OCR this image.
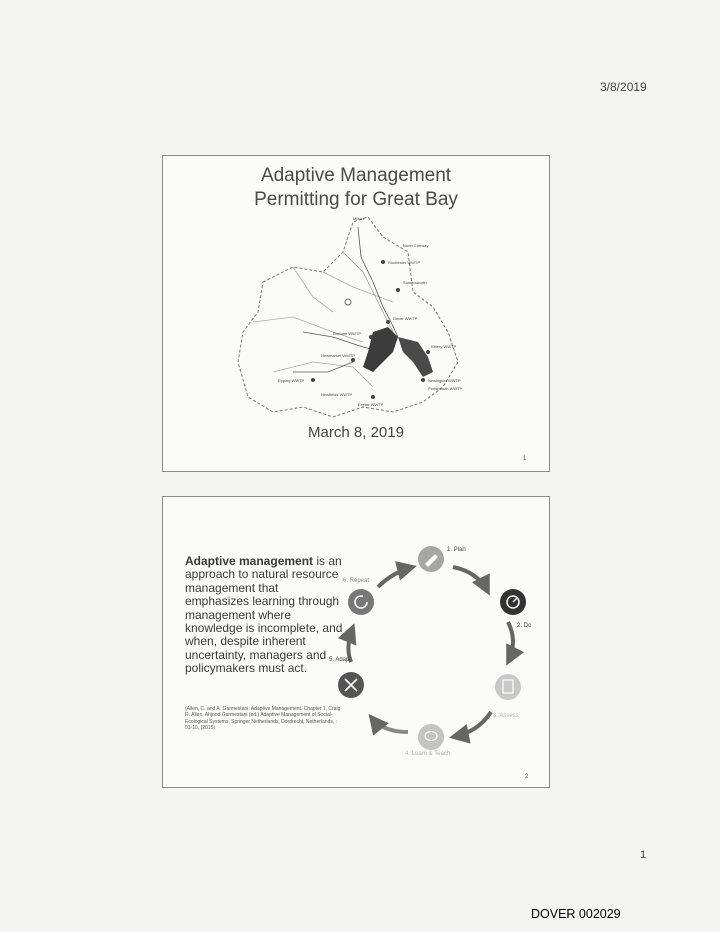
3/8/2019
Adaptive Management
Permitting for Great Bay
Milton
North Conway
Rochester WWTP
Somersworth
Dover WWTP
Durham WWTP
Newmarket WWTP
Epping WWTP
Exeter WWTP
Newfields WWTP
Kittery WWTP
Newington WWTP
Portsmouth WWTP
March 8, 2019
1
Adaptive management is an approach to natural resource management that emphasizes learning through management where knowledge is incomplete, and when, despite inherent uncertainty, managers and policymakers must act.
(Allen, C. and A. Garmestani. Adaptive Management. Chapter 1, Craig R. Allen, Ahjond Garmestani (ed.) Adaptive Management of Social-Ecological Systems. Springer Netherlands, Dordrecht, Netherlands, : 01-10, (2015)
1. Plan
2. Do
3. Assess
4. Learn & Teach
5. Adapt
6. Repeat
2
1
DOVER 002029
